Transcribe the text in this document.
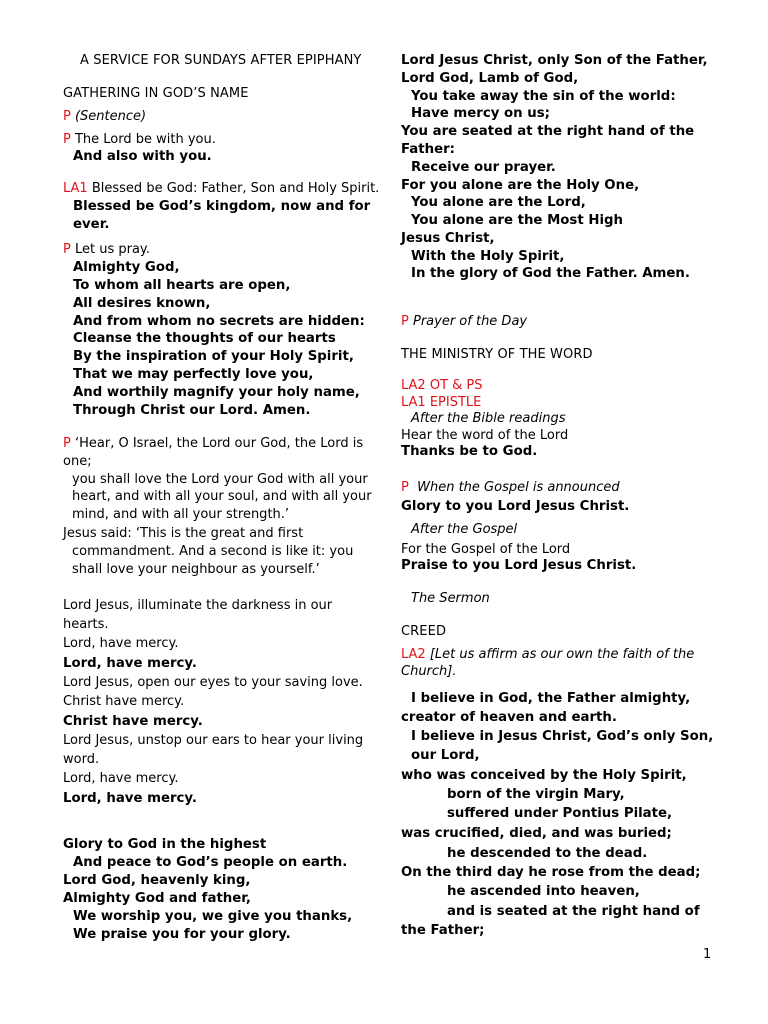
A SERVICE FOR SUNDAYS AFTER EPIPHANY
GATHERING IN GOD’S NAME
P (Sentence)
P The Lord be with you.
And also with you.
LA1 Blessed be God: Father, Son and Holy Spirit.
Blessed be God’s kingdom, now and for
ever.
P Let us pray.
Almighty God,
To whom all hearts are open,
All desires known,
And from whom no secrets are hidden:
Cleanse the thoughts of our hearts
By the inspiration of your Holy Spirit,
That we may perfectly love you,
And worthily magnify your holy name,
Through Christ our Lord. Amen.
P ‘Hear, O Israel, the Lord our God, the Lord is
one;
you shall love the Lord your God with all your
heart, and with all your soul, and with all your
mind, and with all your strength.’
Jesus said: ‘This is the great and first
commandment. And a second is like it: you
shall love your neighbour as yourself.’
Lord Jesus, illuminate the darkness in our
hearts.
Lord, have mercy.
Lord, have mercy.
Lord Jesus, open our eyes to your saving love.
Christ have mercy.
Christ have mercy.
Lord Jesus, unstop our ears to hear your living
word.
Lord, have mercy.
Lord, have mercy.
Glory to God in the highest
And peace to God’s people on earth.
Lord God, heavenly king,
Almighty God and father,
We worship you, we give you thanks,
We praise you for your glory.
Lord Jesus Christ, only Son of the Father,
Lord God, Lamb of God,
You take away the sin of the world:
Have mercy on us;
You are seated at the right hand of the
Father:
Receive our prayer.
For you alone are the Holy One,
You alone are the Lord,
You alone are the Most High
Jesus Christ,
With the Holy Spirit,
In the glory of God the Father. Amen.
P Prayer of the Day
THE MINISTRY OF THE WORD
LA2 OT & PS
LA1 EPISTLE
After the Bible readings
Hear the word of the Lord
Thanks be to God.
P When the Gospel is announced
Glory to you Lord Jesus Christ.
After the Gospel
For the Gospel of the Lord
Praise to you Lord Jesus Christ.
The Sermon
CREED
LA2 [Let us affirm as our own the faith of the
Church].
I believe in God, the Father almighty,
creator of heaven and earth.
I believe in Jesus Christ, God’s only Son,
our Lord,
who was conceived by the Holy Spirit,
born of the virgin Mary,
suffered under Pontius Pilate,
was crucified, died, and was buried;
he descended to the dead.
On the third day he rose from the dead;
he ascended into heaven,
and is seated at the right hand of
the Father;
1
